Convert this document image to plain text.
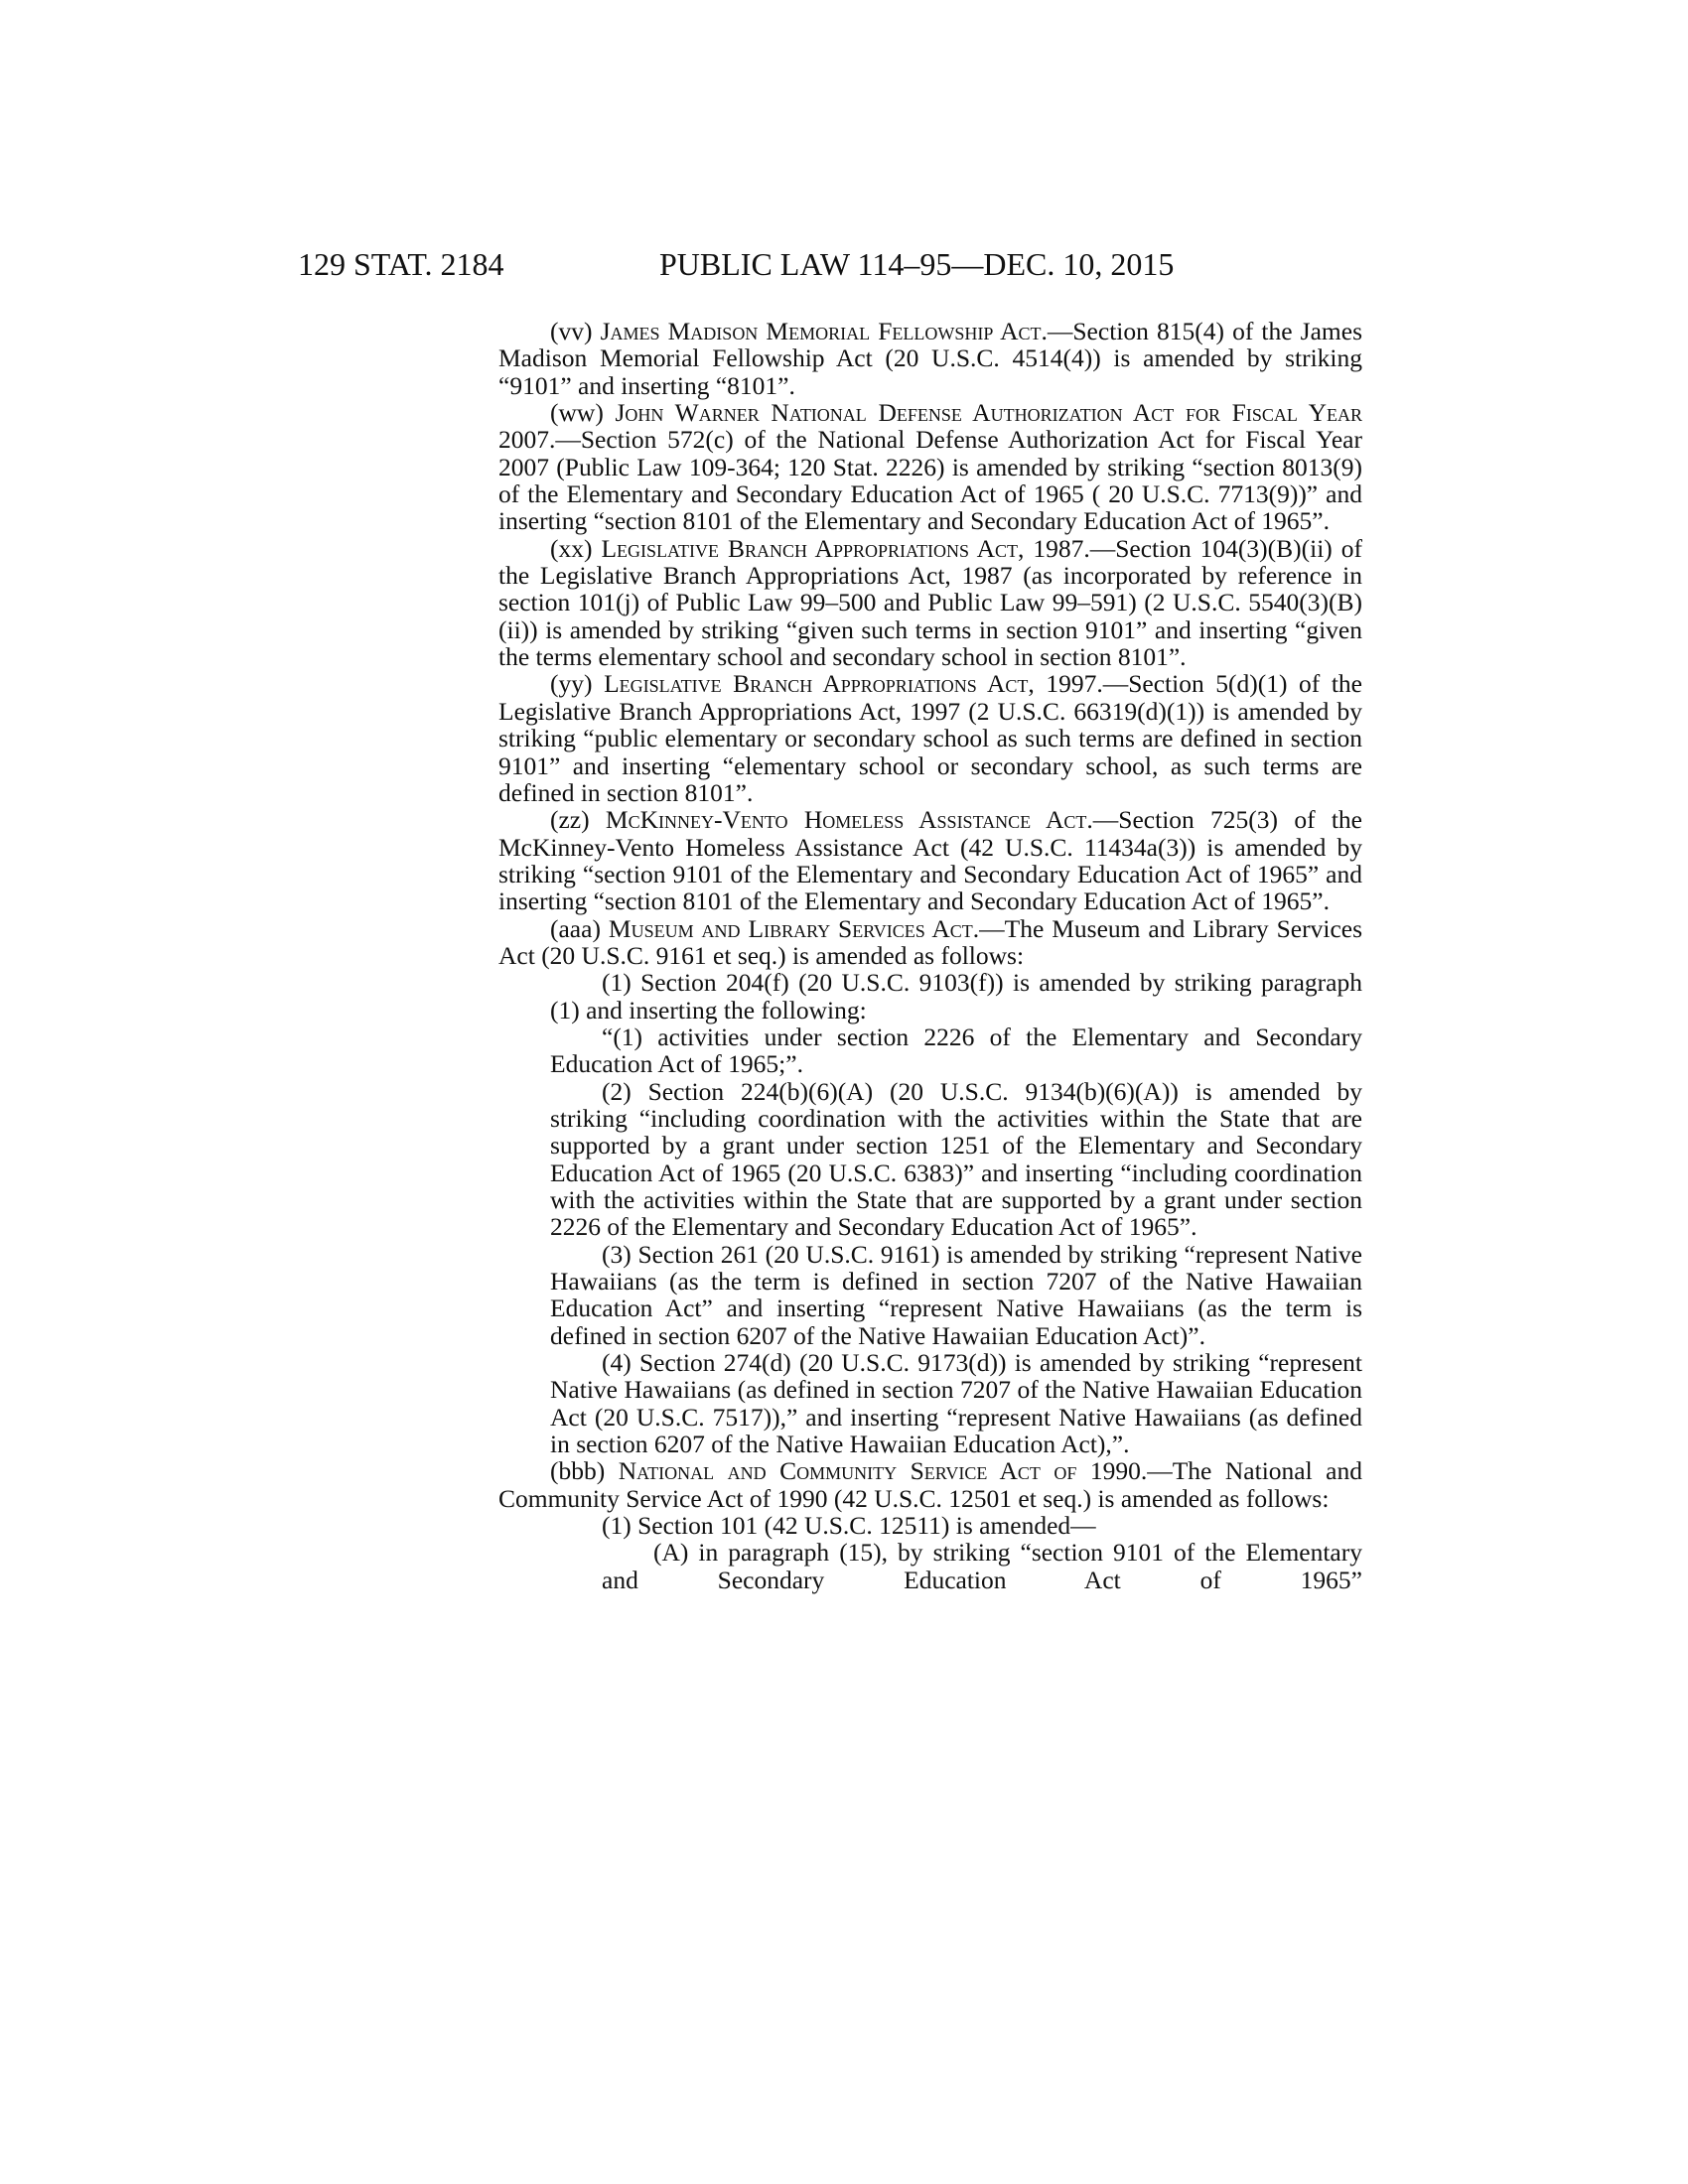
129 STAT. 2184	PUBLIC LAW 114–95—DEC. 10, 2015

(vv) James Madison Memorial Fellowship Act.—Section 815(4) of the James Madison Memorial Fellowship Act (20 U.S.C. 4514(4)) is amended by striking “9101” and inserting “8101”.

(ww) John Warner National Defense Authorization Act for Fiscal Year 2007.—Section 572(c) of the National Defense Authorization Act for Fiscal Year 2007 (Public Law 109-364; 120 Stat. 2226) is amended by striking “section 8013(9) of the Elementary and Secondary Education Act of 1965 ( 20 U.S.C. 7713(9))” and inserting “section 8101 of the Elementary and Secondary Education Act of 1965”.

(xx) Legislative Branch Appropriations Act, 1987.—Section 104(3)(B)(ii) of the Legislative Branch Appropriations Act, 1987 (as incorporated by reference in section 101(j) of Public Law 99–500 and Public Law 99–591) (2 U.S.C. 5540(3)(B)(ii)) is amended by striking “given such terms in section 9101” and inserting “given the terms elementary school and secondary school in section 8101”.

(yy) Legislative Branch Appropriations Act, 1997.—Section 5(d)(1) of the Legislative Branch Appropriations Act, 1997 (2 U.S.C. 66319(d)(1)) is amended by striking “public elementary or secondary school as such terms are defined in section 9101” and inserting “elementary school or secondary school, as such terms are defined in section 8101”.

(zz) McKinney-Vento Homeless Assistance Act.—Section 725(3) of the McKinney-Vento Homeless Assistance Act (42 U.S.C. 11434a(3)) is amended by striking “section 9101 of the Elementary and Secondary Education Act of 1965” and inserting “section 8101 of the Elementary and Secondary Education Act of 1965”.

(aaa) Museum and Library Services Act.—The Museum and Library Services Act (20 U.S.C. 9161 et seq.) is amended as follows:

(1) Section 204(f) (20 U.S.C. 9103(f)) is amended by striking paragraph (1) and inserting the following:

“(1) activities under section 2226 of the Elementary and Secondary Education Act of 1965;”.

(2) Section 224(b)(6)(A) (20 U.S.C. 9134(b)(6)(A)) is amended by striking “including coordination with the activities within the State that are supported by a grant under section 1251 of the Elementary and Secondary Education Act of 1965 (20 U.S.C. 6383)” and inserting “including coordination with the activities within the State that are supported by a grant under section 2226 of the Elementary and Secondary Education Act of 1965”.

(3) Section 261 (20 U.S.C. 9161) is amended by striking “represent Native Hawaiians (as the term is defined in section 7207 of the Native Hawaiian Education Act” and inserting “represent Native Hawaiians (as the term is defined in section 6207 of the Native Hawaiian Education Act)”.

(4) Section 274(d) (20 U.S.C. 9173(d)) is amended by striking “represent Native Hawaiians (as defined in section 7207 of the Native Hawaiian Education Act (20 U.S.C. 7517)),” and inserting “represent Native Hawaiians (as defined in section 6207 of the Native Hawaiian Education Act),”.

(bbb) National and Community Service Act of 1990.—The National and Community Service Act of 1990 (42 U.S.C. 12501 et seq.) is amended as follows:

(1) Section 101 (42 U.S.C. 12511) is amended—

(A) in paragraph (15), by striking “section 9101 of the Elementary and Secondary Education Act of 1965”
